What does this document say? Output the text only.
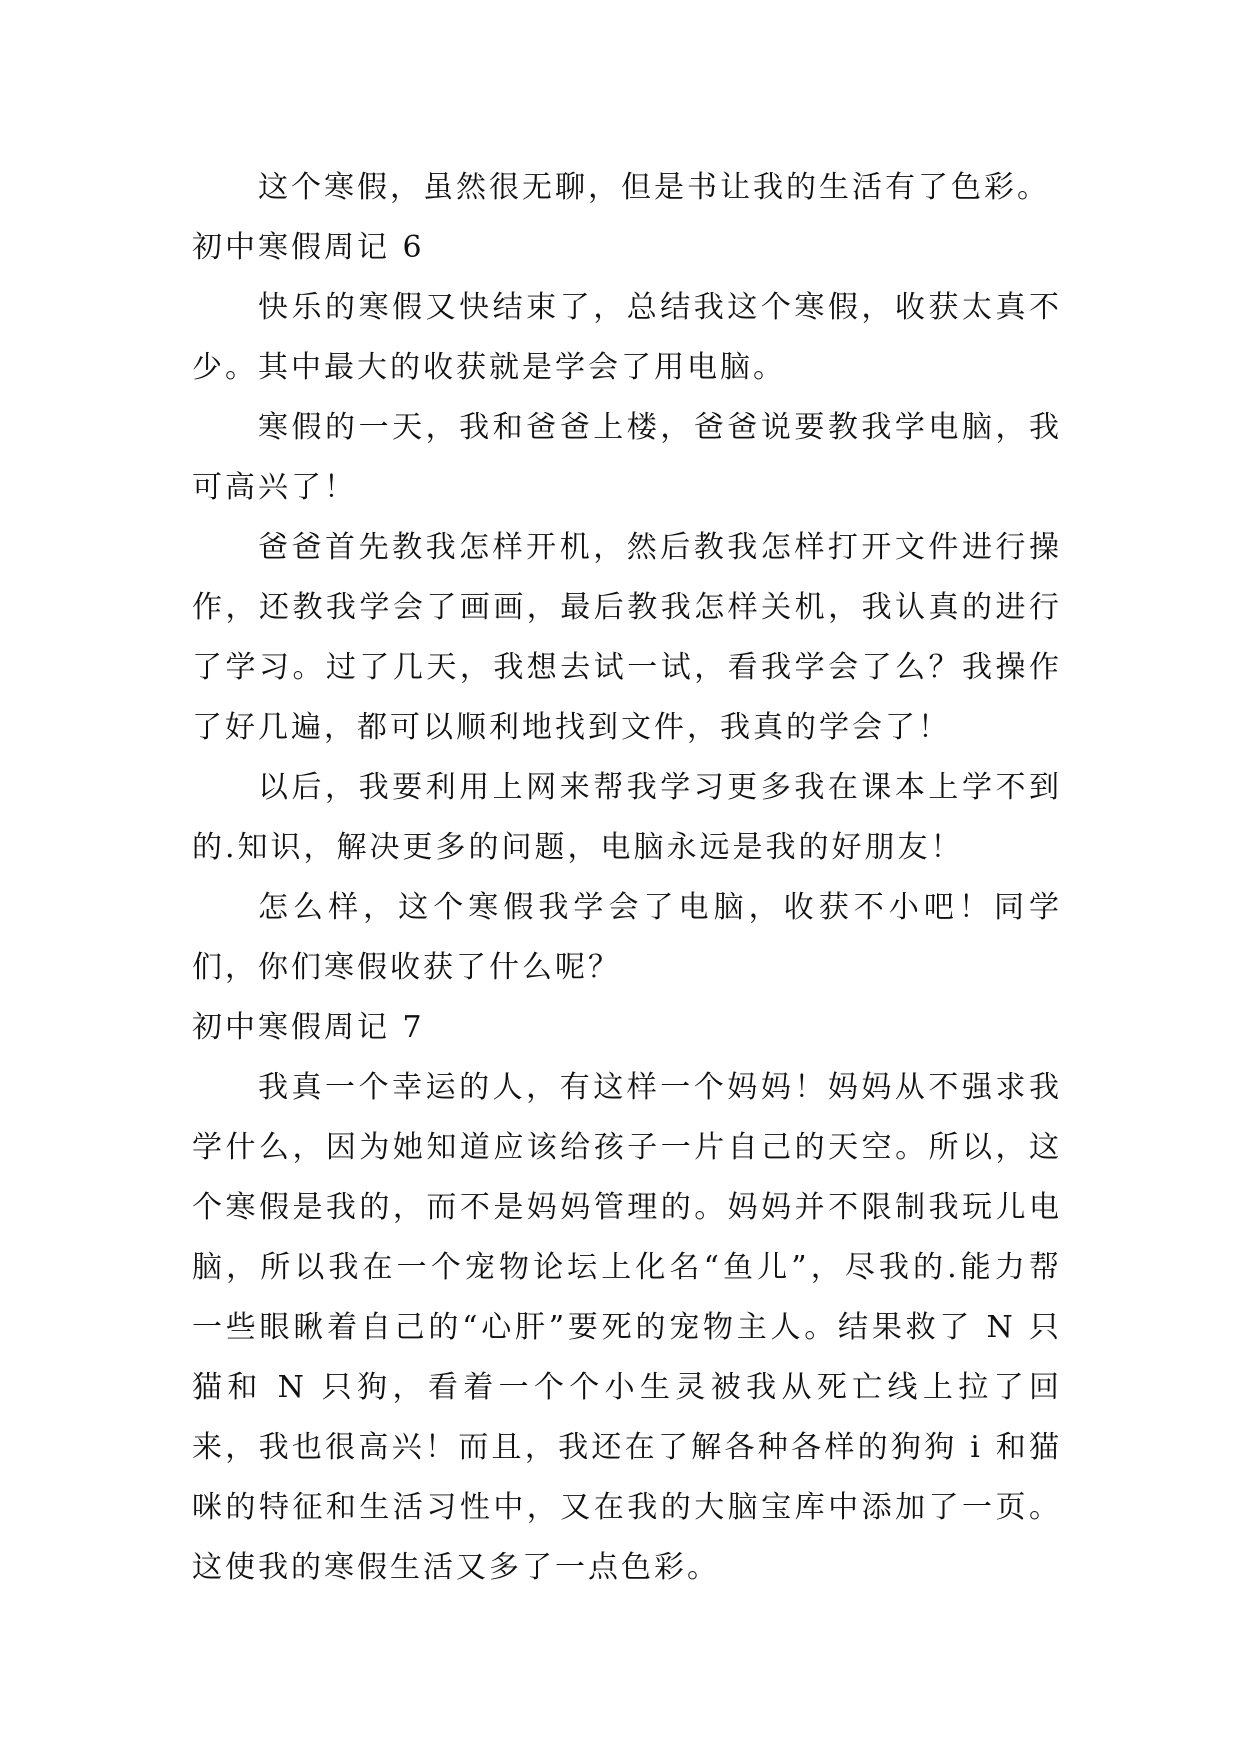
这个寒假，虽然很无聊，但是书让我的生活有了色彩。

初中寒假周记 6

快乐的寒假又快结束了，总结我这个寒假，收获太真不少。其中最大的收获就是学会了用电脑。

寒假的一天，我和爸爸上楼，爸爸说要教我学电脑，我可高兴了！

爸爸首先教我怎样开机，然后教我怎样打开文件进行操作，还教我学会了画画，最后教我怎样关机，我认真的进行了学习。过了几天，我想去试一试，看我学会了么？我操作了好几遍，都可以顺利地找到文件，我真的学会了！

以后，我要利用上网来帮我学习更多我在课本上学不到的.知识，解决更多的问题，电脑永远是我的好朋友！

怎么样，这个寒假我学会了电脑，收获不小吧！同学们，你们寒假收获了什么呢？

初中寒假周记 7

我真一个幸运的人，有这样一个妈妈！妈妈从不强求我学什么，因为她知道应该给孩子一片自己的天空。所以，这个寒假是我的，而不是妈妈管理的。妈妈并不限制我玩儿电脑，所以我在一个宠物论坛上化名“鱼儿”，尽我的.能力帮一些眼瞅着自己的“心肝”要死的宠物主人。结果救了 N 只猫和 N 只狗，看着一个个小生灵被我从死亡线上拉了回来，我也很高兴！而且，我还在了解各种各样的狗狗 i 和猫咪的特征和生活习性中，又在我的大脑宝库中添加了一页。这使我的寒假生活又多了一点色彩。
